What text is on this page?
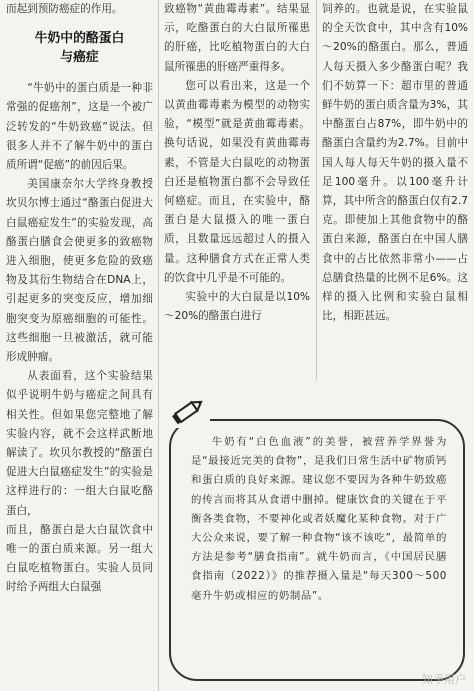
而起到预防癌症的作用。

牛奶中的酪蛋白
与癌症

“牛奶中的蛋白质是一种非常强的促癌剂”，这是一个被广泛转发的“牛奶致癌”说法。但很多人并不了解牛奶中的蛋白质所谓“促癌”的前因后果。

美国康奈尔大学终身教授坎贝尔博士通过“酪蛋白促进大白鼠癌症发生”的实验发现，高酪蛋白膳食会使更多的致癌物进入细胞，使更多危险的致癌物及其衍生物结合在DNA上，引起更多的突变反应，增加细胞突变为原癌细胞的可能性。这些细胞一旦被激活，就可能形成肿瘤。

从表面看，这个实验结果似乎说明牛奶与癌症之间具有相关性。但如果您完整地了解实验内容，就不会这样武断地解读了。坎贝尔教授的“酪蛋白促进大白鼠癌症发生”的实验是这样进行的：一组大白鼠吃酪蛋白，

而且，酪蛋白是大白鼠饮食中唯一的蛋白质来源。另一组大白鼠吃植物蛋白。实验人员同时给予两组大白鼠强

致癌物“黄曲霉毒素”。结果显示，吃酪蛋白的大白鼠所罹患的肝癌，比吃植物蛋白的大白鼠所罹患的肝癌严重得多。

您可以看出来，这是一个以黄曲霉毒素为模型的动物实验，“模型”就是黄曲霉毒素。换句话说，如果没有黄曲霉毒素，不管是大白鼠吃的动物蛋白还是植物蛋白都不会导致任何癌症。而且，在实验中，酪蛋白是大鼠摄入的唯一蛋白质，且数量远远超过人的摄入量。这种膳食方式在正常人类的饮食中几乎是不可能的。

实验中的大白鼠是以10%～20%的酪蛋白进行

饲养的。也就是说，在实验鼠的全天饮食中，其中含有10%～20%的酪蛋白。那么，普通人每天摄入多少酪蛋白呢？我们不妨算一下：超市里的普通鲜牛奶的蛋白质含量为3%，其中酪蛋白占87%，即牛奶中的酪蛋白含量约为2.7%。目前中国人每人每天牛奶的摄入量不足100毫升。以100毫升计算，其中所含的酪蛋白仅有2.7克。即使加上其他食物中的酪蛋白来源，酪蛋白在中国人膳食中的占比依然非常小——占总膳食热量的比例不足6%。这样的摄入比例和实验白鼠相比，相距甚远。

牛奶有“白色血液”的美誉，被营养学界誉为是“最接近完美的食物”，是我们日常生活中矿物质钙和蛋白质的良好来源。建议您不要因为各种牛奶致癌的传言而将其从食谱中删掉。健康饮食的关键在于平衡各类食物，不要神化或者妖魔化某种食物。对于广大公众来说，要了解一种食物“该不该吃”，最简单的方法是参考“膳食指南”。就牛奶而言，《中国居民膳食指南（2022）》的推荐摄入量是“每天300～500毫升牛奶或相应的奶制品”。

知乎用户
